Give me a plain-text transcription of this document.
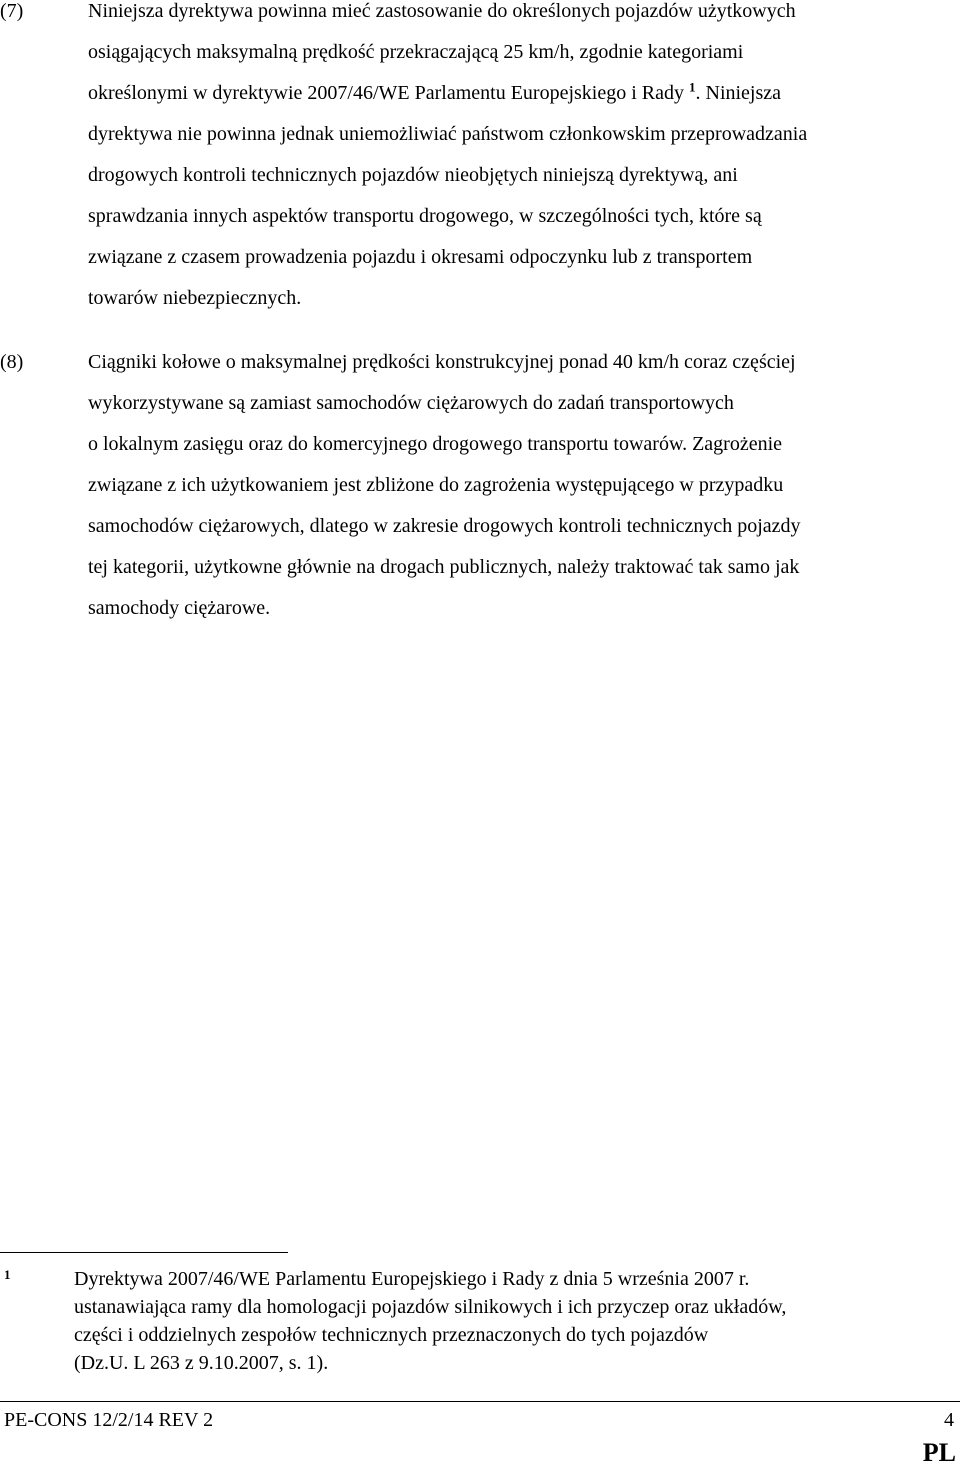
(7)	Niniejsza dyrektywa powinna mieć zastosowanie do określonych pojazdów użytkowych
osiągających maksymalną prędkość przekraczającą 25 km/h, zgodnie kategoriami
określonymi w dyrektywie 2007/46/WE Parlamentu Europejskiego i Rady $^1$. Niniejsza
dyrektywa nie powinna jednak uniemożliwiać państwom członkowskim przeprowadzania
drogowych kontroli technicznych pojazdów nieobjętych niniejszą dyrektywą, ani
sprawdzania innych aspektów transportu drogowego, w szczególności tych, które są
związane z czasem prowadzenia pojazdu i okresami odpoczynku lub z transportem
towarów niebezpiecznych.
(8)	Ciągniki kołowe o maksymalnej prędkości konstrukcyjnej ponad 40 km/h coraz częściej
wykorzystywane są zamiast samochodów ciężarowych do zadań transportowych
o lokalnym zasięgu oraz do komercyjnego drogowego transportu towarów. Zagrożenie
związane z ich użytkowaniem jest zbliżone do zagrożenia występującego w przypadku
samochodów ciężarowych, dlatego w zakresie drogowych kontroli technicznych pojazdy
tej kategorii, użytkowne głównie na drogach publicznych, należy traktować tak samo jak
samochody ciężarowe.
1	Dyrektywa 2007/46/WE Parlamentu Europejskiego i Rady z dnia 5 września 2007 r.
ustanawiająca ramy dla homologacji pojazdów silnikowych i ich przyczep oraz układów,
części i oddzielnych zespołów technicznych przeznaczonych do tych pojazdów
(Dz.U. L 263 z 9.10.2007, s. 1).
PE-CONS 12/2/14 REV 2	4
PL
